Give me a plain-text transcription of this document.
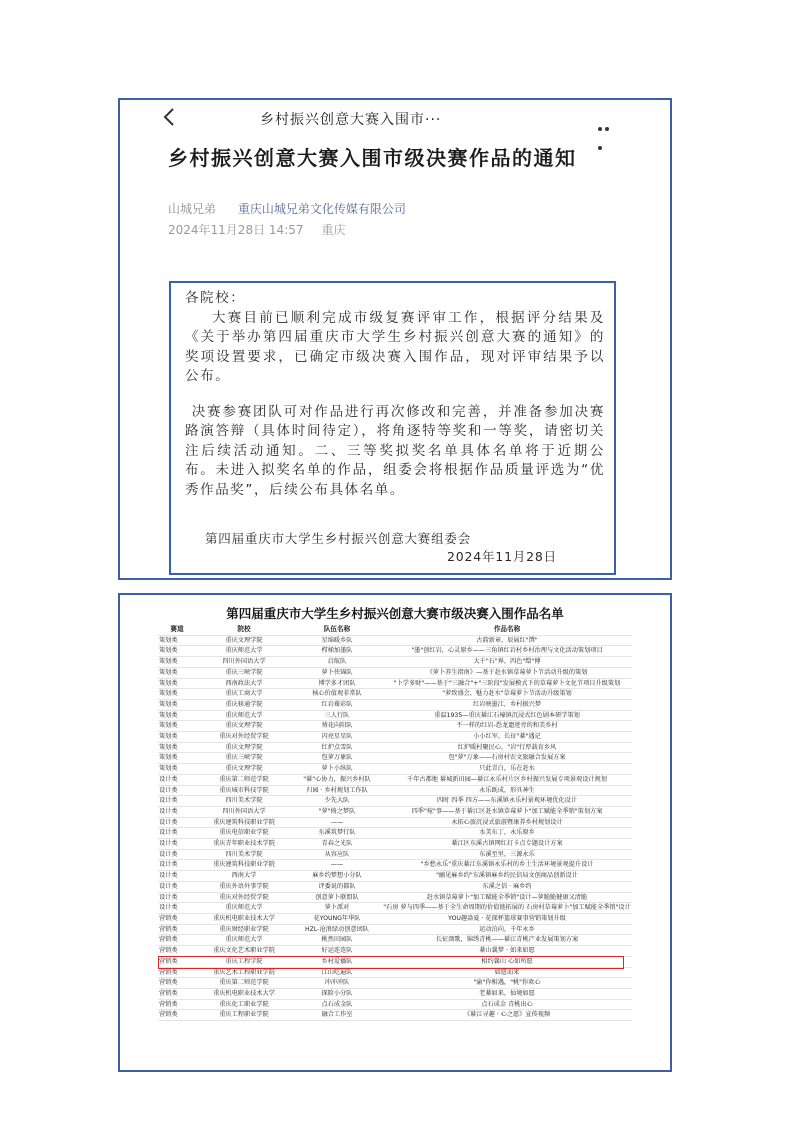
乡村振兴创意大赛入围市···
乡村振兴创意大赛入围市级决赛作品的通知
山城兄弟 重庆山城兄弟文化传媒有限公司
2024年11月28日 14:57 重庆

各院校：

大赛目前已顺利完成市级复赛评审工作，根据评分结果及《关于举办第四届重庆市大学生乡村振兴创意大赛的通知》的奖项设置要求，已确定市级决赛入围作品，现对评审结果予以公布。

决赛参赛团队可对作品进行再次修改和完善，并准备参加决赛路演答辩（具体时间待定），将角逐特等奖和一等奖，请密切关注后续活动通知。二、三等奖拟奖名单具体名单将于近期公布。未进入拟奖名单的作品，组委会将根据作品质量评选为“优秀作品奖”，后续公布具体名单。

第四届重庆市大学生乡村振兴创意大赛组委会
2024年11月28日
第四届重庆市大学生乡村振兴创意大赛市级决赛入围作品名单
赛道	院校	队伍名称	作品名称
策划类	重庆文理学院	星绵暖乡队	古韵新章，辰展红"馔"
策划类	重庆师范大学	栉梯加墨队	"墨"创红岩，心灵原乡——三角镇红岩村乡村治理与文化活动策划项目
策划类	四川外国语大学	启航队	大千"石"界，四色"缳"傅
策划类	重庆三峡学院	萝卜侠锦队	《萝卜养生指南》—基于赶水镇草莓萝卜节活动升级的策划
策划类	西南政法大学	博学多才团队	"卜学多财"——基于"三融合"+"三阶段"发展模式下的草莓萝卜文化节项目升级策划
策划类	重庆工商大学	核心价值观非常队	"萝致盛会，魅力赶水"草莓萝卜节活动升级策划
策划类	重庆移通学院	红岩蓦彩队	红岩映墨江，乡村振兴梦
策划类	重庆师范大学	三人行队	重温1935—重庆綦江石壕镇沉浸式红色剧本研学策划
策划类	重庆文理学院	葵花向阳队	不一样的红岩-恐龙遗迹旁的和美乡村
策划类	重庆对外经贸学院	闪亮星星队	小小红军，长征"綦"遇记
策划类	重庆文理学院	红炉点雪队	红炉暖村聚民心，"岩"行厚载育乡风
策划类	重庆三峡学院	包萝万象队	包"萝"万象——石房村农文旅融合发展方案
策划类	重庆文理学院	萝卜小纵队	只此青白，乐在赶水
设计类	重庆第二师范学院	"綦"心协力，振兴乡村队	千年古都地 綦城新田园—綦江永乐村片区乡村振兴发展专项景观设计规划
设计类	重庆城市科技学院	归园 · 乡村规划工作队	永乐既成，形具神生
设计类	四川美术学院	少先大队	四时 四季 四方——东溪镇永乐村景观环境优化设计
设计类	四川外国语大学	"萝"倚之梦队	四季"菀"事——基于綦江区赶水镇草莓萝卜"加工赋能全季销"策划方案
设计类	重庆建筑科技职业学院	——	永拓心旅沉浸式旅游暨康养乡村规划设计
设计类	重庆电信职业学院	东溪筑梦行队	水美东丁，永乐原乡
设计类	重庆青年职业技术学院	青春之光队	綦江区东溪古镇网红打卡点专题设计方案
设计类	四川美术学院	从容应队	东溪至里，三源永乐
设计类	重庆建筑科技职业学院	——	"乡愁永乐"重庆綦江东溪镇永乐村的乡土生活环境景观提升设计
设计类	西南大学	麻乡约梦想小分队	"幽见麻乡约"东溪镇麻乡约民信局文创商品创新设计
设计类	重庆外语外事学院	评委说的都队	东溪之信 · 麻乡约
设计类	重庆对外经贸学院	创意萝卜联盟队	赶水镇草莓萝卜"加工赋能全季销"设计—萝脆脆健康又清脆
设计类	重庆师范大学	萝卜派对	"石房 萝与四季——基于全生命周期的价值链拓展的 石房村草莓萝卜"加工赋能全季销"设计
营销类	重庆机电职业技术大学	花YOUNG年华队	YOU趣盎夏 · 花探杯篮球赛事营销策划升级
营销类	重庆财经职业学院	HZL-沧浪绿动创意团队	运动泊向，千年永乡
营销类	重庆师范大学	桃然田园队	长征颂歌，锦绣青桃——綦江青桃产业发展策划方案
营销类	重庆文化艺术职业学院	好运连连队	綦山曩梦 · 如来如愿
营销类	重庆工程学院	乡村爱播队	相约曩山 心如所愿
营销类	重庆艺术工程职业学院	江山吃遍队	如愿而来
营销类	重庆第二师范学院	冲冲冲队	"渝"你相遇，"桃"你欢心
营销类	重庆机电职业技术大学	探险小分队	老綦如来，仙境如愿
营销类	重庆化工职业学院	点石成金队	点石成金 青桃出心
营销类	重庆工程职业学院	融合工作室	《綦江寻趣 · 心之愿》宣传视频
